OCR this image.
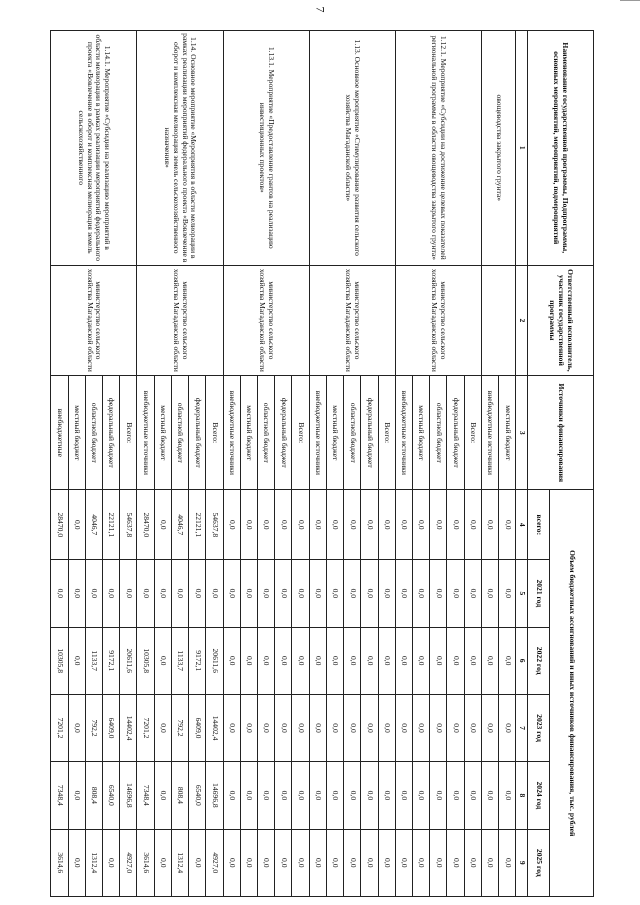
7
Наименование государственной программы, Подпрограммы, основных мероприятий, мероприятий, подмероприятий	Ответственный исполнитель, участник государственной программы	Источники финансирования	Объем бюджетных ассигнований и иных источников финансирования, тыс. рублей					
			всего:	2021 год	2022 год	2023 год	2024 год	2025 год
1	2	3	4	5	6	7	8	9
овощеводства закрытого грунта»		местный бюджет	0,0	0,0	0,0	0,0	0,0	0,0
		внебюджетные источники	0,0	0,0	0,0	0,0	0,0	0,0
1.12.1. Мероприятие «Субсидии на достижение целевых показателей региональной программы в области овощеводства закрытого грунта»	министерство сельского хозяйства Магаданской области	Всего:	0,0	0,0	0,0	0,0	0,0	0,0
		федеральный бюджет	0,0	0,0	0,0	0,0	0,0	0,0
		областной бюджет	0,0	0,0	0,0	0,0	0,0	0,0
		местный бюджет	0,0	0,0	0,0	0,0	0,0	0,0
		внебюджетные источники	0,0	0,0	0,0	0,0	0,0	0,0
1.13. Основное мероприятие «Стимулирование развития сельского хозяйства Магаданской области»	министерство сельского хозяйства Магаданской области	Всего:	0,0	0,0	0,0	0,0	0,0	0,0
		федеральный бюджет	0,0	0,0	0,0	0,0	0,0	0,0
		областной бюджет	0,0	0,0	0,0	0,0	0,0	0,0
		местный бюджет	0,0	0,0	0,0	0,0	0,0	0,0
		внебюджетные источники	0,0	0,0	0,0	0,0	0,0	0,0
1.13.1. Мероприятие «Предоставление грантов на реализацию инвестиционных проектов»	министерство сельского хозяйства Магаданской области	Всего:	0,0	0,0	0,0	0,0	0,0	0,0
		федеральный бюджет	0,0	0,0	0,0	0,0	0,0	0,0
		областной бюджет	0,0	0,0	0,0	0,0	0,0	0,0
		местный бюджет	0,0	0,0	0,0	0,0	0,0	0,0
		внебюджетные источники	0,0	0,0	0,0	0,0	0,0	0,0
1.14. Основное мероприятие «Мероприятия в области мелиорации в рамках реализации мероприятий федерального проекта «Вовлечение в оборот и комплексная мелиорация земель сельскохозяйственного назначения»	министерство сельского хозяйства Магаданской области	Всего:	54637,8	0,0	20611,6	14402,4	14696,8	4927,0
		федеральный бюджет	22121,1	0,0	9172,1	6409,0	6540,0	0,0
		областной бюджет	4046,7	0,0	1133,7	792,2	808,4	1312,4
		местный бюджет	0,0	0,0	0,0	0,0	0,0	0,0
		внебюджетные источники	28470,0	0,0	10305,8	7201,2	7348,4	3614,6
1.14.1. Мероприятие «Субсидии на реализацию мероприятий в области мелиорации в рамках реализации мероприятий федерального проекта «Вовлечение в оборот и комплексная мелиорация земель сельскохозяйственного	министерство сельского хозяйства Магаданской области	Всего:	54637,8	0,0	20611,6	14402,4	14696,8	4927,0
		федеральный бюджет	22121,1	0,0	9172,1	6409,0	6540,0	0,0
		областной бюджет	4046,7	0,0	1133,7	792,2	808,4	1312,4
		местный бюджет	0,0	0,0	0,0	0,0	0,0	0,0
		внебюджетные	28470,0	0,0	10305,8	7201,2	7348,4	3614,6
